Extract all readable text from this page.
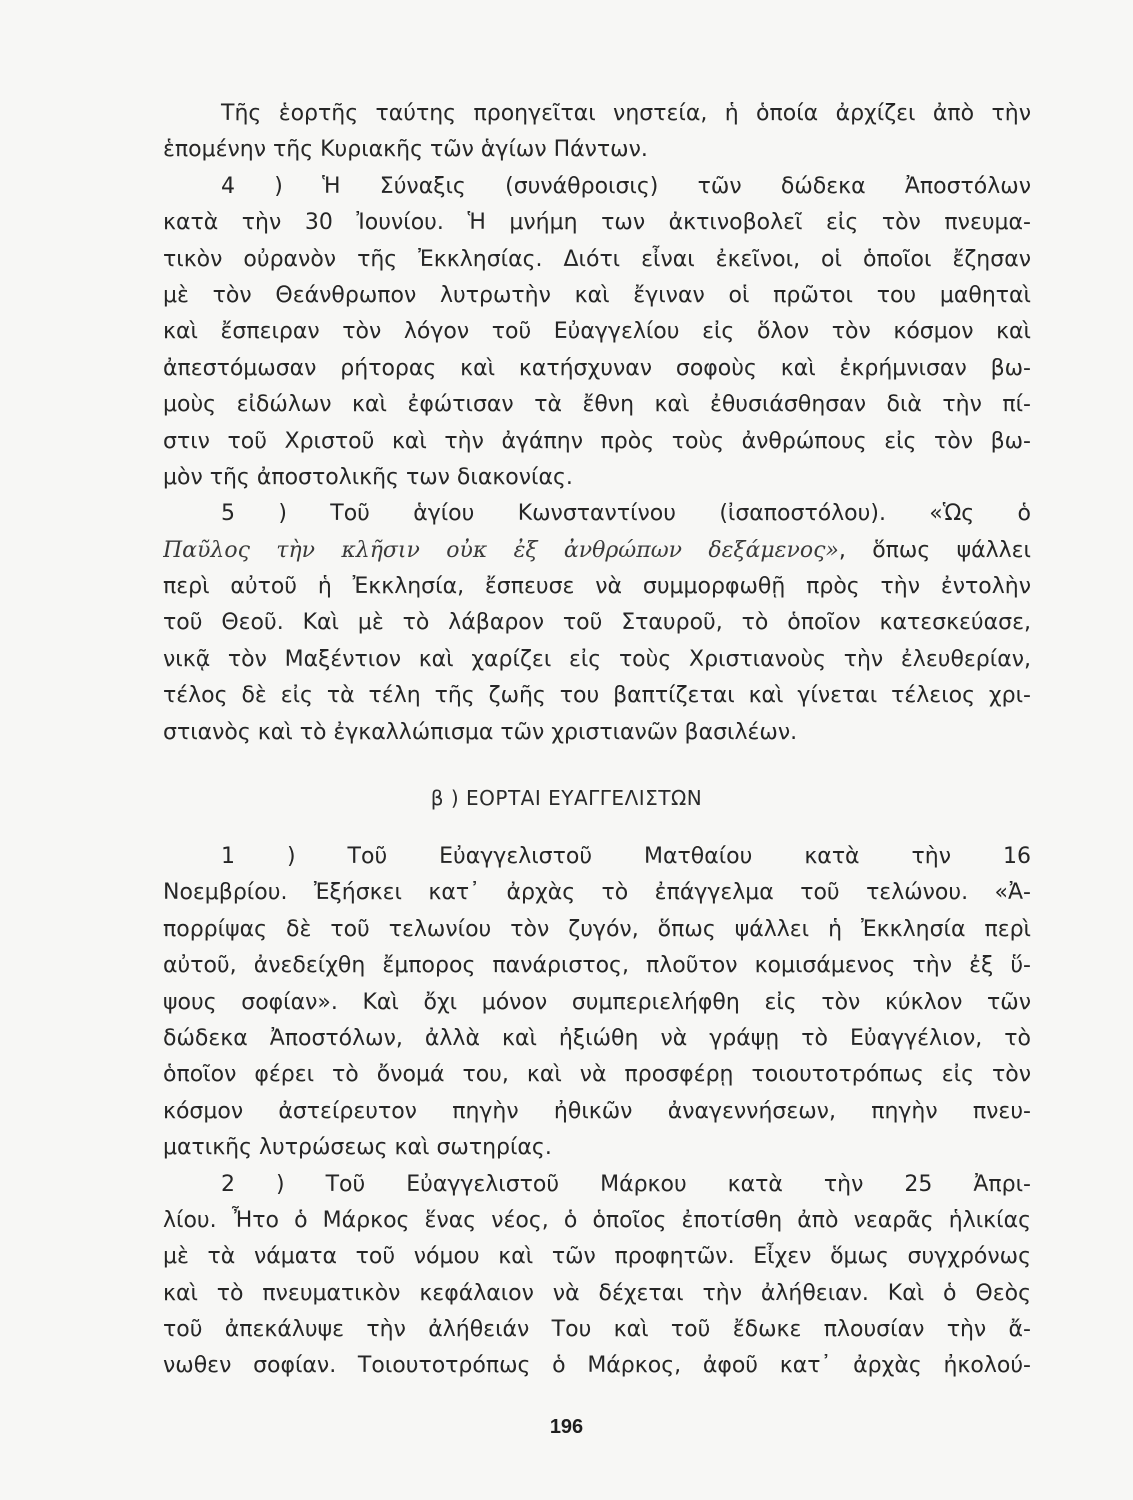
Τῆς ἑορτῆς ταύτης προηγεῖται νηστεία, ἡ ὁποία ἀρχίζει ἀπὸ τὴν
ἑπομένην τῆς Κυριακῆς τῶν ἁγίων Πάντων.
4 ) Ἡ Σύναξις (συνάθροισις) τῶν δώδεκα Ἀποστόλων
κατὰ τὴν 30 Ἰουνίου. Ἡ μνήμη των ἀκτινοβολεῖ εἰς τὸν πνευμα-
τικὸν οὐρανὸν τῆς Ἐκκλησίας. Διότι εἶναι ἐκεῖνοι, οἱ ὁποῖοι ἔζησαν
μὲ τὸν Θεάνθρωπον λυτρωτὴν καὶ ἔγιναν οἱ πρῶτοι του μαθηταὶ
καὶ ἔσπειραν τὸν λόγον τοῦ Εὐαγγελίου εἰς ὅλον τὸν κόσμον καὶ
ἀπεστόμωσαν ρήτορας καὶ κατήσχυναν σοφοὺς καὶ ἐκρήμνισαν βω-
μοὺς εἰδώλων καὶ ἐφώτισαν τὰ ἔθνη καὶ ἐθυσιάσθησαν διὰ τὴν πί-
στιν τοῦ Χριστοῦ καὶ τὴν ἀγάπην πρὸς τοὺς ἀνθρώπους εἰς τὸν βω-
μὸν τῆς ἀποστολικῆς των διακονίας.
5 ) Τοῦ ἁγίου Κωνσταντίνου (ἰσαποστόλου). «Ὡς ὁ
Παῦλος τὴν κλῆσιν οὐκ ἐξ ἀνθρώπων δεξάμενος», ὅπως ψάλλει
περὶ αὐτοῦ ἡ Ἐκκλησία, ἔσπευσε νὰ συμμορφωθῇ πρὸς τὴν ἐντολὴν
τοῦ Θεοῦ. Καὶ μὲ τὸ λάβαρον τοῦ Σταυροῦ, τὸ ὁποῖον κατεσκεύασε,
νικᾷ τὸν Μαξέντιον καὶ χαρίζει εἰς τοὺς Χριστιανοὺς τὴν ἐλευθερίαν,
τέλος δὲ εἰς τὰ τέλη τῆς ζωῆς του βαπτίζεται καὶ γίνεται τέλειος χρι-
στιανὸς καὶ τὸ ἐγκαλλώπισμα τῶν χριστιανῶν βασιλέων.
β ) ΕΟΡΤΑΙ ΕΥΑΓΓΕΛΙΣΤΩΝ
1 ) Τοῦ Εὐαγγελιστοῦ Ματθαίου κατὰ τὴν 16
Νοεμβρίου. Ἐξήσκει κατ᾿ ἀρχὰς τὸ ἐπάγγελμα τοῦ τελώνου. «Ἀ-
πορρίψας δὲ τοῦ τελωνίου τὸν ζυγόν, ὅπως ψάλλει ἡ Ἐκκλησία περὶ
αὐτοῦ, ἀνεδείχθη ἔμπορος πανάριστος, πλοῦτον κομισάμενος τὴν ἐξ ὕ-
ψους σοφίαν». Καὶ ὄχι μόνον συμπεριελήφθη εἰς τὸν κύκλον τῶν
δώδεκα Ἀποστόλων, ἀλλὰ καὶ ἠξιώθη νὰ γράψῃ τὸ Εὐαγγέλιον, τὸ
ὁποῖον φέρει τὸ ὄνομά του, καὶ νὰ προσφέρῃ τοιουτοτρόπως εἰς τὸν
κόσμον ἀστείρευτον πηγὴν ἠθικῶν ἀναγεννήσεων, πηγὴν πνευ-
ματικῆς λυτρώσεως καὶ σωτηρίας.
2 ) Τοῦ Εὐαγγελιστοῦ Μάρκου κατὰ τὴν 25 Ἀπρι-
λίου. Ἦτο ὁ Μάρκος ἕνας νέος, ὁ ὁποῖος ἐποτίσθη ἀπὸ νεαρᾶς ἡλικίας
μὲ τὰ νάματα τοῦ νόμου καὶ τῶν προφητῶν. Εἶχεν ὅμως συγχρόνως
καὶ τὸ πνευματικὸν κεφάλαιον νὰ δέχεται τὴν ἀλήθειαν. Καὶ ὁ Θεὸς
τοῦ ἀπεκάλυψε τὴν ἀλήθειάν Του καὶ τοῦ ἔδωκε πλουσίαν τὴν ἄ-
νωθεν σοφίαν. Τοιουτοτρόπως ὁ Μάρκος, ἀφοῦ κατ᾿ ἀρχὰς ἠκολού-
196
